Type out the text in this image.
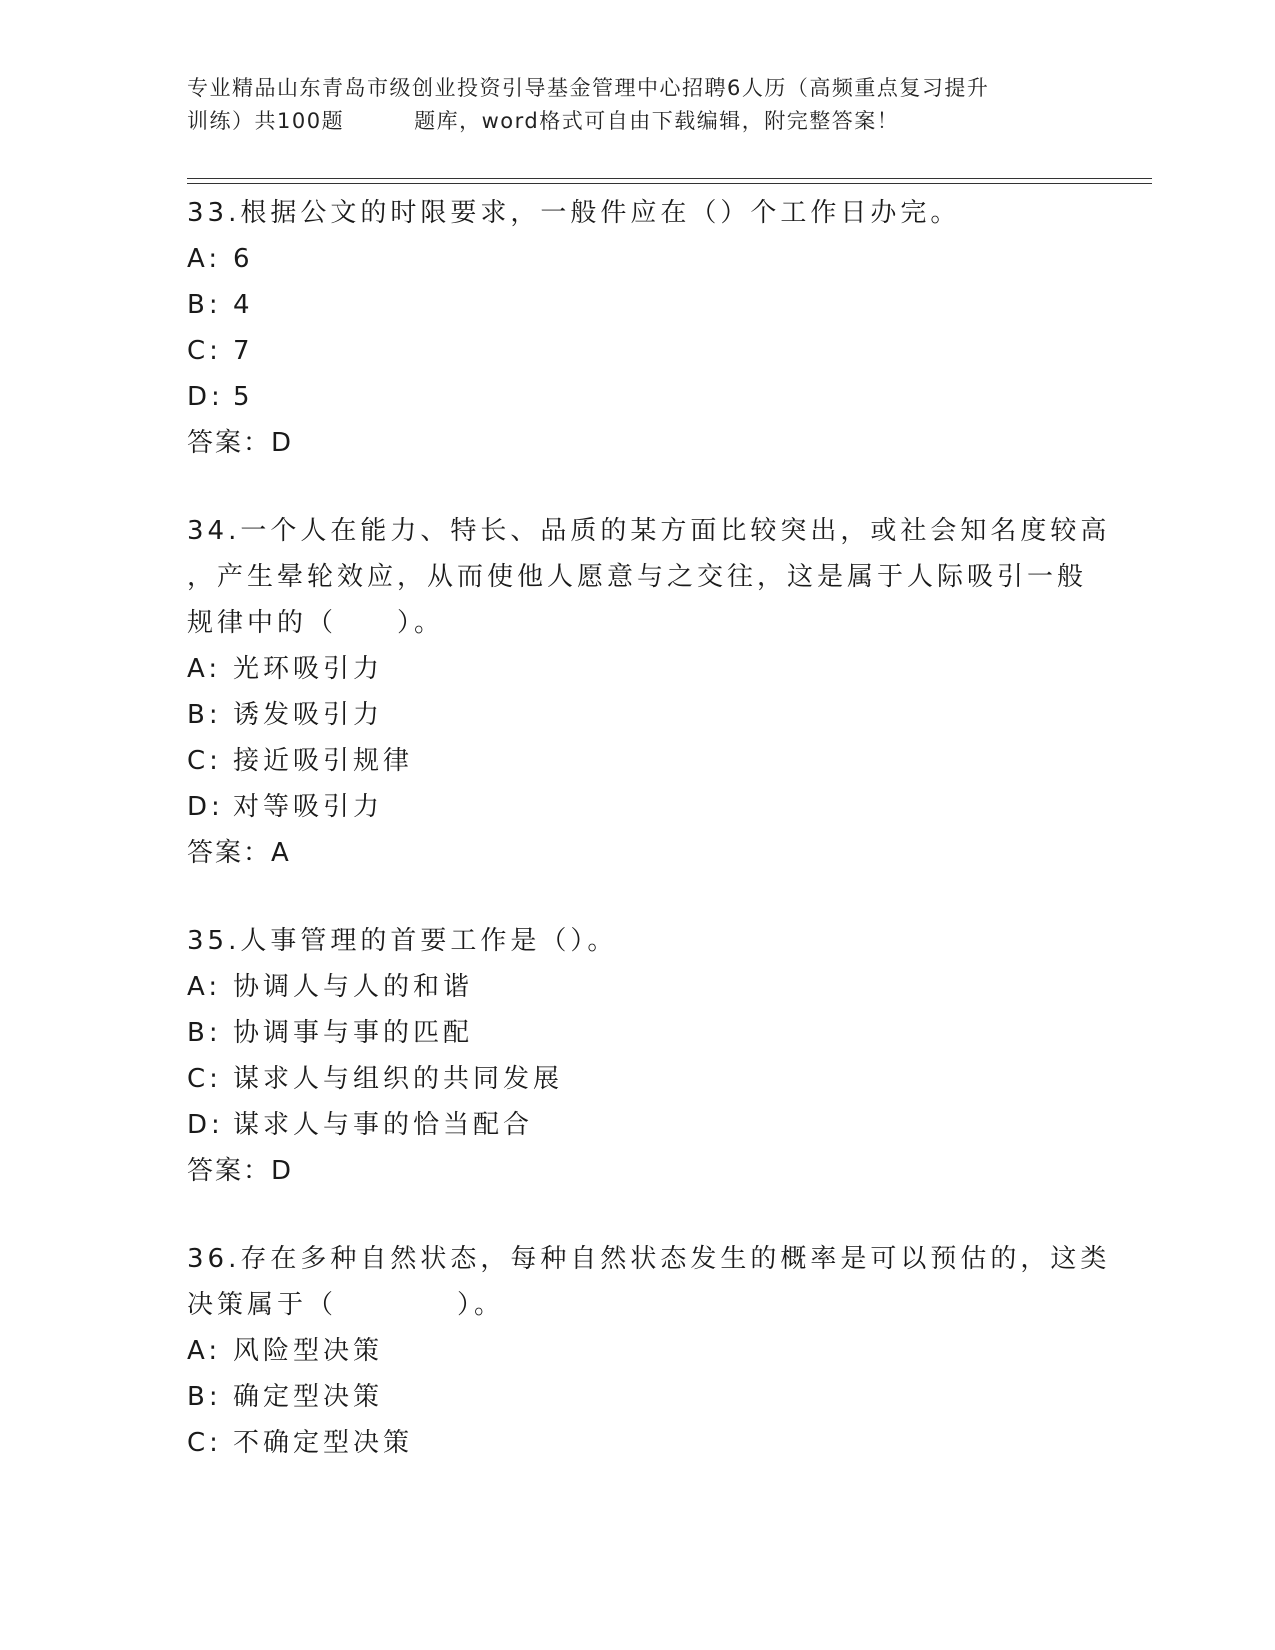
专业精品山东青岛市级创业投资引导基金管理中心招聘6人历（高频重点复习提升
训练）共100题	题库，word格式可自由下载编辑，附完整答案！

33.根据公文的时限要求，一般件应在（）个工作日办完。

A: 6
B: 4
C: 7
D: 5
答案：D

34.一个人在能力、特长、品质的某方面比较突出，或社会知名度较高

，产生晕轮效应，从而使他人愿意与之交往，这是属于人际吸引一般

规律中的（　　）。

A: 光环吸引力
B: 诱发吸引力
C: 接近吸引规律
D: 对等吸引力
答案：A

35.人事管理的首要工作是（）。

A: 协调人与人的和谐
B: 协调事与事的匹配
C: 谋求人与组织的共同发展
D: 谋求人与事的恰当配合
答案：D

36.存在多种自然状态，每种自然状态发生的概率是可以预估的，这类

决策属于（　　　　）。

A: 风险型决策
B: 确定型决策
C: 不确定型决策
